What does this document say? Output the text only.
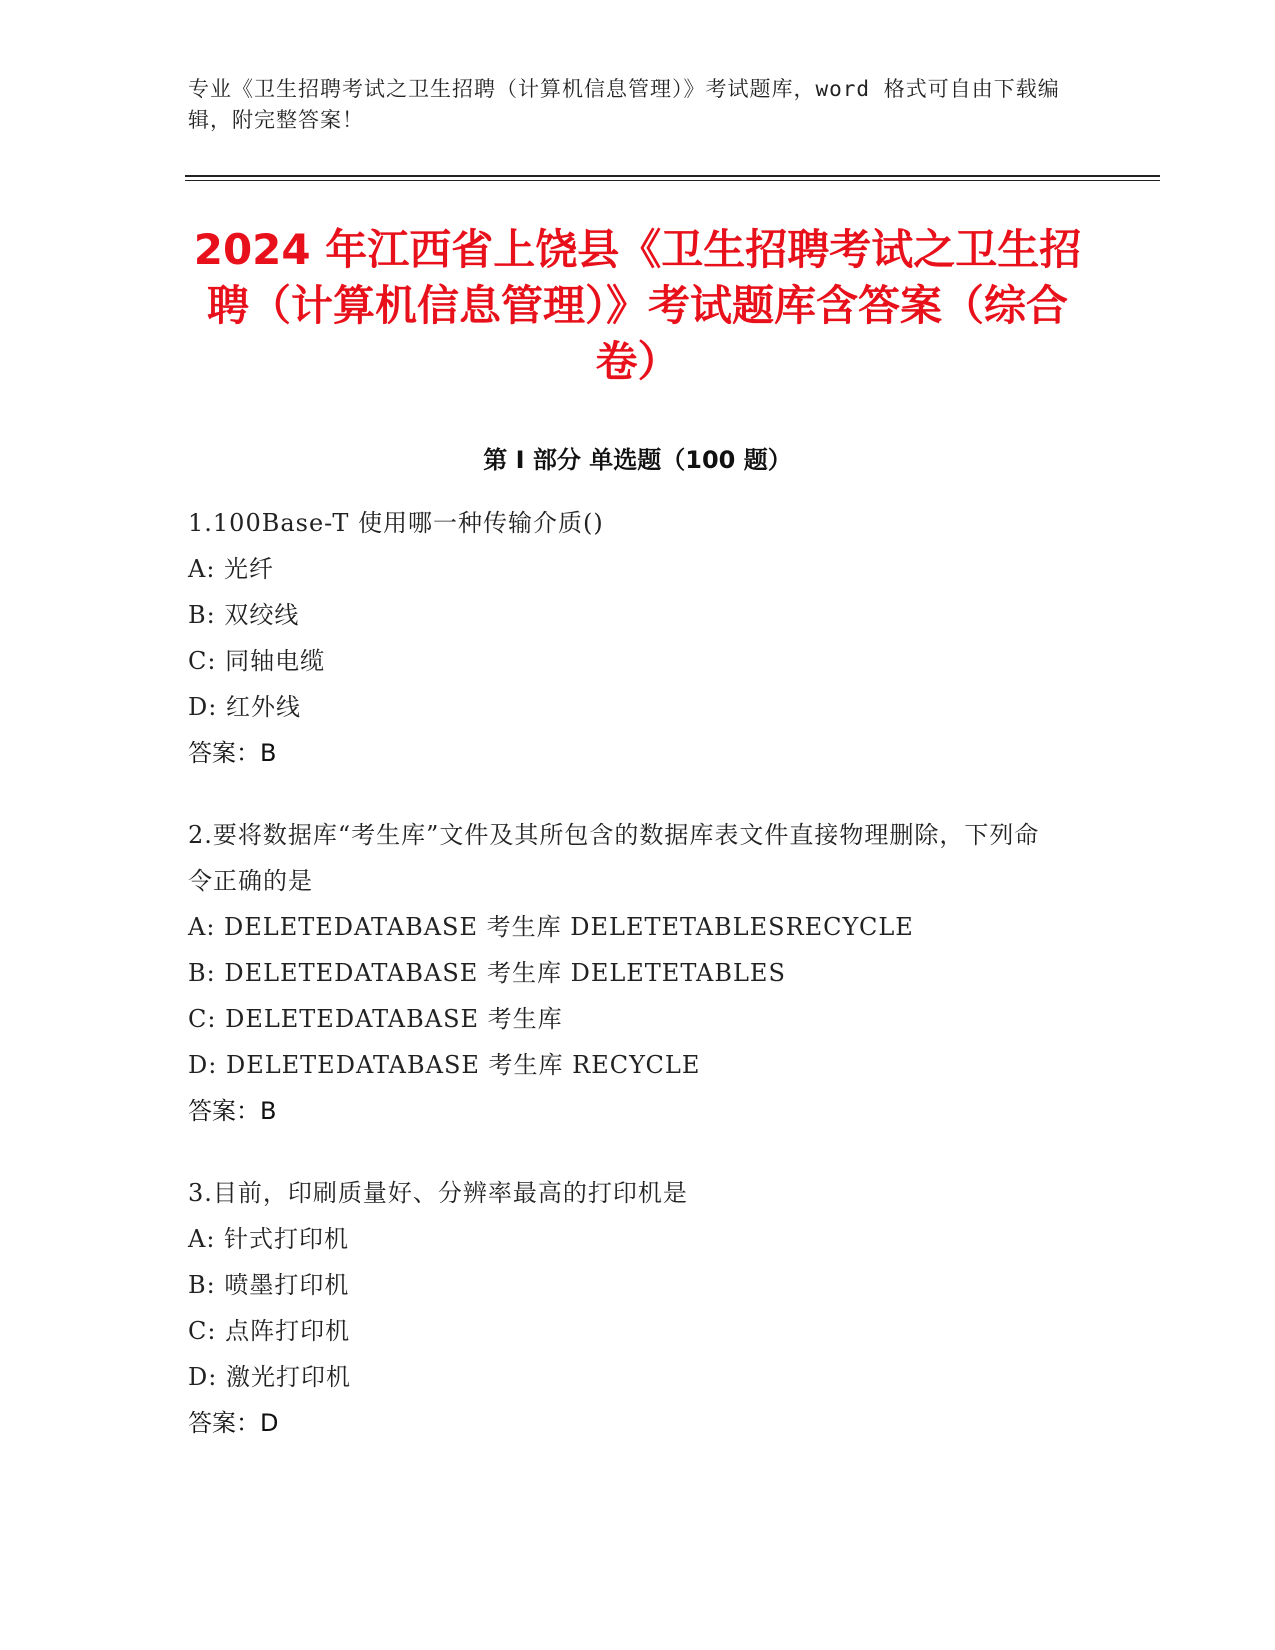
专业《卫生招聘考试之卫生招聘（计算机信息管理）》考试题库，word 格式可自由下载编辑，附完整答案！
2024 年江西省上饶县《卫生招聘考试之卫生招聘（计算机信息管理）》考试题库含答案（综合卷）
第 I 部分 单选题（100 题）
1.100Base-T 使用哪一种传输介质()
A: 光纤
B: 双绞线
C: 同轴电缆
D: 红外线
答案：B
2.要将数据库“考生库”文件及其所包含的数据库表文件直接物理删除，下列命令正确的是
A: DELETEDATABASE 考生库 DELETETABLESRECYCLE
B: DELETEDATABASE 考生库 DELETETABLES
C: DELETEDATABASE 考生库
D: DELETEDATABASE 考生库 RECYCLE
答案：B
3.目前，印刷质量好、分辨率最高的打印机是
A: 针式打印机
B: 喷墨打印机
C: 点阵打印机
D: 激光打印机
答案：D
